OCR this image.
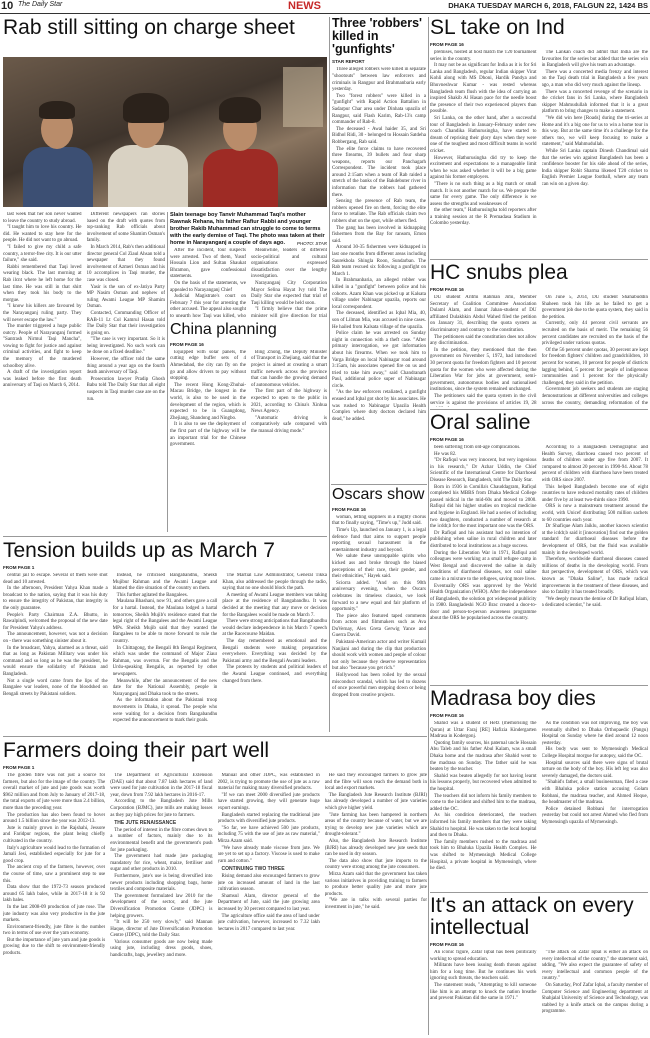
10 The Daily Star	NEWS	DHAKA TUESDAY MARCH 6, 2018, FALGUN 22, 1424 BS
Rab still sitting on charge sheet

last week that her son never wanted to leave the country to study abroad.

"I taught him to love his country. He did. He wanted to stay here for the people. He did not want to go abroad.

"I failed to give my child a safe country, a terror-free city. It is our utter failure," she said.

Rabbi remembered that Taqi loved wearing black. The last morning at Rab ilcnt where he left home for the last time. He was still in that shirt when they took his body to the morgue.

"I know his killers are favoured by the Narayanganj ruling party. They will never escape the law."

The murder triggered a huge public outcry. People of Narayanganj formed "Santrash Nirmul Taqi Mancha", vowing to fight for justice and against criminal activities, and fight to keep the memory of the murdered schoolboy alive.

A draft of the investigation report was leaked before the first death anniversary of Taqi on March 6, 2014.

Different newspapers ran stories based on the draft with quotes from top-ranking Rab officials about involvement of some Shamim Osman's family.

In March 2014, Rab's then additional director general Col Ziaul Ahsan told a newspaper that they found involvement of Azmeri Osman and his 10 accomplices in Taqi murder, the case was closed.

Yasir is the son of ex-Jatiya Party MP Nasim Osman and nephew of ruling Awami League MP Shamim Osman.

Contacted, Commanding Officer of RAB-11 Lt Col Kamrul Hasan told The Daily Star that their investigation is going on.

"The case is very important. So it is being investigated. No such work can be done on a fixed deadline."

However, the officer told the same thing around a year ago on the fourth death anniversary of Taqi.

Prosecution lawyer Pradip Ghosh Babu told The Daily Star that all eight suspects in Taqi murder case are on the run.

Slain teenage boy Tanvir Muhammad Taqi's mother Rawnak Rehana, his father Rafiur Rabbi and younger brother Rakib Muhammad can struggle to come to terms with the early demise of Taqi. The photo was taken at their home in Narayanganj a couple of days ago.	PHOTO: STAR

After the incident, four suspects were arrested. Two of them, Yusuf Hossain Lion and Sultan Shaukat Bhramon, gave confessional statements.

On the basis of the statements, we appealed to Narayanganj Chief

Judicial Magistrate's court on February 7 this year for arresting the other accused. The appeal also sought to unearth how Taqi was killed, who

Meanwhile, leaders of different socio-political and cultural organisations expressed dissatisfaction over the lengthy investigation.

Narayanganj City Corporation Mayor Selina Hayat Ivy told The Daily Star she expected that trial of Taqi killing would be held soon.

"I firmly believe that the prime minister will give direction for trial

China planning
FROM PAGE 16

Equipped with solar panels, the cutting edge buffer sets of 4 Ahmedabad, the city can fly on the go and allow drivers to pay without stopping.

The recent Hong Kong-Zhuhai-Macau Bridge, the longest in the world, is also to be used in the development of the region, which is expected to be in Guangdong, Zhejiang, Shandong and Ningbo.

It is also to see the deployment of the first part of the highway will be an important trial for the Chinese government.

Bing Zhong, the Deputy Minister of Transport in Zhejiang, said that the project is aimed at creating a smart traffic network across the province that can handle the growing demand of autonomous vehicles.

The first part of the highway is expected to open to the public in 2021, according to China's Xinhua News Agency.

"Automatic driving is comparatively safe compared with the manual driving mode."

Three 'robbers' killed in 'gunfights'
STAR REPORT

Three alleged robbers were killed in separate "shootouts" between law enforcers and criminals in Rangpur and Brahmanbaria early yesterday.

Two "forest robbers" were killed in a "gunfight" with Rapid Action Battalion in Sadarpur Char area under Dinhata upazila of Rangpur, said Flash Karim, Rab-13's camp commander of Rab-8.

The deceased - Awal haider 35, and Sri Bidhol Ridi, 30 - belonged to Hossain Satdeha Robbergang, Rab said.

The elite force claims to have recovered three firearms, 39 bullets and four sharp weapons, reports our Panchagarh Correspondent. The incident took place around 2:15am when a team of Rab raided a stretch of the banks of the Bakdebuter river in information that the robbers had gathered there.

Sensing the presence of Rab team, the robbers opened fire on them, forcing the elite force to retaliate. The Rab officials claim two robbers shot on the spot, while others fled.

The gang has been involved in kidnapping fishermen from the Bay for ransom, Emon said.

Around 30-35 fishermen were kidnapped in last one months from different areas including Saurekhola Shingla Roon, Sundarban. The Rab team rescued six following a gunfight on March 1.

In Brahmanbaria, an alleged robber was killed in a "gunfight" between police and his cohorts. Azam Khan was picked up at Kalsata village under Nabinagar upazila, reports our local correspondent.

The deceased, identified as Iqbal Mia, 40, son of Lilman Mia, was accused in nine cases. He hailed from Kalsata village of the upazila.

Police claim he was arrested on Sunday night in connection with a theft case. "After primary interrogation, we got information about his firearms. When we took him to Varga Bridge on local Nabinagar road around 3:15am, his associates opened fire on us and tried to take him away," said Chandranath Paul, additional police super of Nabinagar circle.

"As the law enforcers retaliated, a gunfight ensued and Iqbal got shot by his associates. He was rushed to Nabinagar Upazila Health Complex where duty doctors declared him dead," he added.

Oscars show
FROM PAGE 16

woman, letting suppliers in a mighty chorus that to finally saying, "Time's up," Judd said.

Time's Up, launched on January 1, is a legal defence fund that aims to support people reporting sexual harassment in the entertainment industry and beyond.

We salute these unstoppable spirits who kicked ass and broke through the biased perceptions of their race, their gender, and their ethnicities," Hayek said.

Sciorra added. "And on this 90th anniversary evening, when the Oscars celebrates its timeless classics, we look forward to a new equal and fair platform of opportunity."

The piece also featured taped comments from actors and filmmakers such as Ava DuVernay, Alex Greta Gerwig Yance and Guerra David.

Pakistani-American actor and writer Kumail Nanjiani and during the clip that production should work with women and people of colour not only because they deserve representation but also "because you get rich."

Hollywood has been roiled by the sexual misconduct scandal, which has led to dozens of once powerful men stepping down or being dropped from creative projects.

SL take on Ind
FROM PAGE 16

premises, hosted at host match the T20 tournament series in the country.

It may not be as significant for India as it is for Sri Lanka and Bangladesh, regular Indian skipper Virat Kohli along with MS Dhoni, Hardik Pandya and Bhuvneshwar Kumar - was rested whereas Bangladesh team flush with the idea of carrying an inspired Shakib Al Hasan pace for the needle boost the presence of their two experienced players than possible.

Sri Lanka, on the other hand, after a successful tour of Bangladesh in January-February under new coach Chandika Hathurusingha, have started to dream of reprising their glory days when they were one of the toughest and most difficult teams in world cricket.

However, Hathurusingha did try to keep the excitement and expectations to a manageable limit when he was asked whether it will be a big game against his former employers.

"There is no such thing as a big match or small match. It is not another match for us. We prepare the same for every game. The only difference is we assess the strengths and weaknesses of

the other team," Hathurusingha told reporters after a training session at the R Premadasa Stadium in Colombo yesterday.

The Lankan coach did admit that India are the favourites for the series but added that the series win in Bangladesh will give his team an advantage.

There was a concerted media frenzy and interest on the Taqi death trial in Bangladesh a few years ago, a man who did very much against the lineup.

There was a concerted revenge of the scenario in the cricket fans in Sri Lanka, where Bangladesh skipper Mahmudullah informed that it is a great platform to bring changes to make a statement.

"We did win here [Roads] during the tri-series at Home and it's a big one for us to win a home tour in this way. But at the same time it's a challenge for the others too, we will keep focusing to make a statement," said Mahmudullah.

While Sri Lanka captain Dinesh Chandimal said that the series win against Bangladesh has been a confidence booster for his side ahead of the series, India skipper Rohit Sharma likened T20 cricket to English Premier League football, where any team can win on a given day.

HC snubs plea
FROM PAGE 16

DU student Aritmi Rahman Jimi, Member Secretary of Coalition Committee Association Dulaml Alam, and Jannat Jahan-student of DU affiliated Dulakhkin Abdul Wahed filed the petition on January 31, describing the quota system as discriminatory and contrary to the constitution.

The petitioners said the constitution does not allow any discrimination.

In the petition, they mentioned that the then government on November 5, 1972, had introduced 30 percent quota for freedom fighters and 10 percent quota for the women who were affected during the Liberation War for jobs at government, semi-government, autonomous bodies and nationalised institutions, since the system remained unchanged.

The petitioners said the quota system in the civil service is against the provisions of articles 19, 28

On June 5, 2014, DU student Shahabuddin Shaheen took his life as he failed to get a government job due to the quota system, they said in the petition.

Currently, only 44 percent civil servants are recruited on the basis of merit. The remaining 56 percent candidates are recruited on the basis of the privileged under various quotas.

Of the 56 percent under quotas, 30 percent are kept for freedom fighters' children and grandchildren, 10 percent for women, 10 percent for people of districts lagging behind, 5 percent for people of indigenous communities and 1 percent for the physically challenged, they said in the petition.

Government job seekers and students are staging demonstrations at different universities and colleges across the country, demanding reformation of the

Oral saline
FROM PAGE 16

been suffering from old-age complications.

He was 82.

"Dr Rafiqul was very innocent, but very ingenious in his research," Dr Azhar Uddin, the Chief Scientific of the International Centre for Diarrhoeal Disease Research, Bangladesh, told The Daily Star.

Born in 1936 in Comilla's Chauddagram, Rafiqul completed his MBBS from Dhaka Medical College passed nidical in the mid-60s and moved to 2000. Rafiqul did his higher studies on tropical medicine and hygiene in England. He had a series of including two daughters, conducted a number of research at the icddr,b for the most important one was the ORS.

Dr Rafiqul and his assistant had no intention of publishing when saline in rural children and later distributed to local institutions as a huge success.

During the Liberation War in 1971, Rafiqul and colleagues were working at a small refugee camp in West Bengal and discovered the saline in daily conditions of diarrhoeal diseases, not oral saline came in a mixture to the refugees, saving more lives.

Eventually ORS was approved by the World Health Organization (WHO). After the independence of Bangladesh, the solution got widespread publicity in 1980. Bangladeshi NGO Brac created a door-to-door and person-to-person awareness programme about the ORS he popularised across the country.

According to a Bangladesh Demographic and Health Survey, diarrhoea caused two percent of deaths of children under age five from 2007. It compared to almost 20 percent in 1990-94. About 78 percent of children with diarrhoea have been treated with ORS since 2007.

This helped Bangladesh become one of eight countries to have reduced mortality rates of children under five by at least two-thirds since 1990.

ORS is now a mainstream treatment around the world, with Unicef distributing 500 million sachets to 60 countries each year.

Dr Shafique Alam Jaiklu, another known scientist at the icddr,b said it [innovation] find out the golden standard for diarrhoeal diseases before the development of ORS, but the fluid was available mainly in the developed world.

Therefore, worldwide diarrhoeal diseases caused millions of deaths in the developing world. From that perspective, development of ORS, which was known as "Dhaka Saline", has made radical improvements in the treatment of these diseases, and also to fatality it has treated broadly.

"We deeply mourn the demise of Dr Rafiqul Islam, a dedicated scientist," he said.

Tension builds up as March 7
FROM PAGE 1

central jail to escape. Several of them were shot dead and 10 arrested.

In the afternoon, President Yahya Khan made a broadcast to the nation, saying that it was his duty to ensure the integrity of Pakistan, that integrity is the only guarantee.

People's Party Chairman Z.A. Bhutto, in Rawalpindi, welcomed the proposal of the new date for President Yahya's address.

The announcement, however, was not a decision on - there was something sinister about it.

In the broadcast, Yahya, alarmed as a threat, said that as long as Pakistan Military was under his command and so long as he was the president, he would ensure the solidarity of Pakistan and Bangladesh.

Not a single word came from the lips of the Bangalee war leaders, none of the bloodshed on Bengali streets by Pakistani soldiers.

Instead, he criticised Bangabandhu, Sheikh Mujibur Rahman and the Awami League and blamed the dire situation of the country on them.

This further agitated the Bangalees.

Maulana Bhashani, now 91, and others gave a call for a hartal. Instead, the Maulana lodged a hartal tomorrow, Sheikh Mujib's residence stated that the legal right of the Bangalees and the Awami League MPs. Sheikh Mujib said that they wanted the Bangalees to be able to move forward to rule the country.

In Chittagong, the Bengali 8th Bengal Regiment, which was under the command of Major Ziaur Rahman, was overrun. For the Bengalis and the Urdu-speaking Bengalis, as reported by other newspapers.

Meanwhile, after the announcement of the new date for the National Assembly, people in Narayanganj and Dhaka took to the streets.

As the information about the Pakistani troop movements in Dhaka, it spread. The people who were waiting for a decision from Bangabandhu expected the announcement to mark their goals.

The Martial Law Administrator, General Tikka Khan, also addressed the people through the radio, saying that no one should block the path.

A meeting of Awami League members was taking place at the residence of Bangabandhu. It was decided at the meeting that any move or decision for the Bangalees would be made on March 7.

There were strong anticipations that Bangabandhu would declare independence in his March 7 speech at the Racecourse Maidan.

The day remembered as emotional and the Bengali students were making preparations everywhere. Everything was decided by the Pakistani army and the Bengali Awami leaders.

The protests by students and political leaders of the Awami League continued, and everything changed from there.

Farmers doing their part well
FROM PAGE 1

The golden fibre was not just a source for farmers, but also for the image of the country. The overall market of jute and jute goods was worth $962 million and from July to January of 2017-18, the total exports of jute were more than 2.4 billion, more than the preceding year.

The production has also been found to hover around 1.5 billion since the year was 2012-13.

Jute is mainly grown in the Rajshahi, Jessore and Faridpur regions, the plant being chiefly cultivated in the country.

Italy's agriculture would lead to the formation of Jamali Jesi, established especially for jute for a good crop.

The ancient crop of the farmers, however, over the course of time, saw a prominent step to use this.

Data show that the 1972-73 season produced around 65 lakh bales, while in 2017-18 it is 92 lakh bales.

In the last 2008-09 production of jute rose. The jute industry was also very productive in the jute markets.

Environment-friendly, jute fibre is the number two in terms of use over the yarn economy.

But the importance of jute yarn and jute goods is growing due to the shift to environment-friendly products.

The Department of Agricultural Extension (DAE) said that about 7.87 lakh hectares of land were used for jute cultivation in the 2017-18 fiscal year, down from 7.92 lakh hectares in 2016-17.

According to the Bangladesh Jute Mills Corporation (BJMC), jute mills are making losses as they pay high prices for jute to farmers.

THE JUTE RENAISSANCE

The period of interest in the fibre comes down to a number of factors, mainly due to its environmental benefit and the government's push for jute packaging.

The government had made jute packaging mandatory for rice, wheat, maize, fertiliser and sugar and other products in 2010.

Furthermore, jute's use is being diversified into newer products including shopping bags, home textiles and composite materials.

The government formulated law 2010 for the development of the sector, and the jute Diversification Promotion Centre (JDPC) is helping growers.

"It will be 250 very slowly," said Mannan Haque, director of Jute Diversification Promotion Centre (JDPC), told the Daily Star.

Various consumer goods are now being made using jute, including dress goods, shoes, handicrafts, bags, jewellery and more.

Manual and other JDPC, was established in 2002, is trying to promote the use of jute as a raw material for making many diversified products.

"If we can meet 2000 diversified jute products have started growing, they will generate huge export earnings.

Bangladesh started replacing the traditional jute products with diversified jute products.

"So far, we have achieved 500 jute products, including 75 with the use of jute as raw material," Mirza Azam said.

"We have already made viscose from jute. We are yet to set up a factory. Viscose is used to make yarn and cotton."

CONTINUING TWO THREE

Rising demand also encouraged farmers to grow jute on increased amount of land in the last cultivation season.

Shamsul Alam, director general of the Department of Jute, said the jute growing area increased by 30 percent compared to last year.

The agriculture office said the area of land under jute cultivation, however, increased to 7.32 lakh hectares in 2017 compared to last year.

He said they encouraged farmers to grow jute and the fibre will soon reach the demand both in local and export markets.

The Bangladesh Jute Research Institute (BJRI) has already developed a number of jute varieties which give higher yield.

"Jute farming has been hampered in northern areas of the country because of water, but we are trying to develop new jute varieties which are drought-tolerant."

Also, the Bangladesh Jute Research Institute (BJRI) has already developed new jute seeds that can be used in dry season.

The data also show that jute imports to the country were strong among the jute consumers.

Mirza Azam said that the government has taken various initiatives in providing training to farmers to produce better quality jute and more jute products.

"We are in talks with several parties for investment in jute," he said.

Madrasa boy dies
FROM PAGE 16

Shahid was a student of Hefz (memorising the Quran) at Uttar Faraj [RE] Hafizia Kindergarten Madrasa in Kodergonj.

Quoting family sources, his paternal uncle Hossain Abu Taleb and his father Abul Kalam, was a small Dhaka home and the madrasa after Shahid went to the madrasa on Sunday. The father said he was beaten by the teacher.

Shahid was beaten allegedly for not having learnt his lessons properly, but recovered when admitted to the hospital.

The teachers did not inform his family members to come to the incident and shifted him to the madrasa, added the OC.

As his condition deteriorated, the teachers informed his family members that they were taking Shahid to hospital. He was taken to the local hospital and then to Dhaka.

The family members rushed to the madrasa and took him to Bhaluka Upazila Health Complex. He was shifted to Mymensingh Medical College Hospital, a private hospital in Mymensingh, where he died.

As the condition was not improving, the boy was eventually shifted to Dhaka Orthopaedic (Pangu) Hospital on Sunday where he died around 12 noon yesterday.

His body was sent to Mymensingh Medical College Hospital morgue for autopsy, said the OC.

Hospital sources said there were signs of brutal torture on the body of the boy. His left leg was also severely damaged, the doctors said.

"Shahid's father, a small businessman, filed a case with Bhaluka police station accusing Golam Robbani, the madrasa teacher, and Ahmed Hoque, the headmaster of the madrasa.

Police detained Robbani for interrogation yesterday but could not arrest Ahmed who fled from Mymensingh upazila of Mymensingh.

It's an attack on every intellectual
FROM PAGE 16

An iconic figure, Zafar Iqbal has been politically working to spread education.

Militants have been issuing death threats against him for a long time. But he continues his work ignoring such threats, the teachers said.

The statement reads, "Attempting to kill someone like him is an attempt to knock the nation breathe and prevent Pakistan did the same in 1971."

"The attack on Zafar Iqbal is either an attack on every intellectual of the country," the statement said, adding, "We also expect the guarantee of safety of every intellectual and common people of the country."

On Saturday, Prof Zafar Iqbal, a faculty member of Computer Science and Engineering department at Shahjalal University of Science and Technology, was stabbed by a knife attack on the campus during a programme.
